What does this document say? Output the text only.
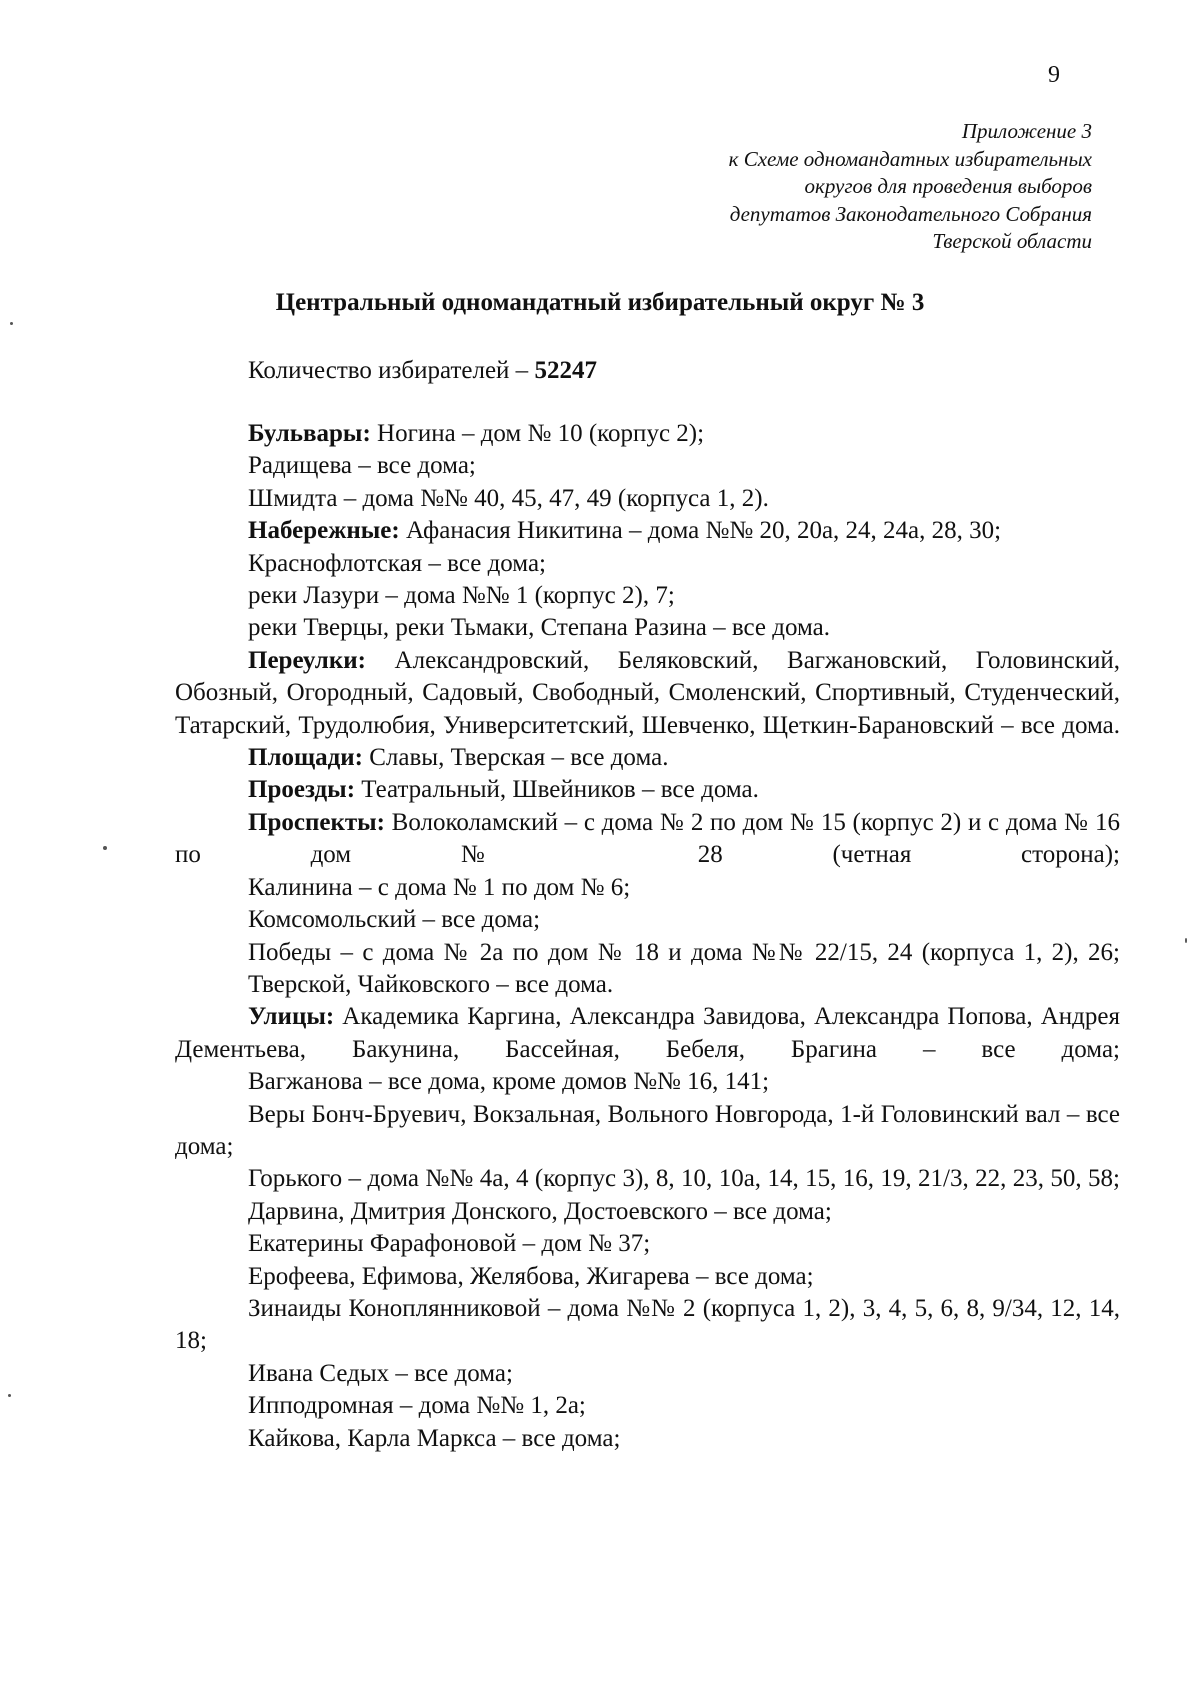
9
Приложение 3
к Схеме одномандатных избирательных
округов для проведения выборов
депутатов Законодательного Собрания
Тверской области
Центральный одномандатный избирательный округ № 3
Количество избирателей – 52247

Бульвары: Ногина – дом № 10 (корпус 2);

Радищева – все дома;

Шмидта – дома №№ 40, 45, 47, 49 (корпуса 1, 2).

Набережные: Афанасия Никитина – дома №№ 20, 20а, 24, 24а, 28, 30;

Краснофлотская – все дома;

реки Лазури – дома №№ 1 (корпус 2), 7;

реки Тверцы, реки Тьмаки, Степана Разина – все дома.

Переулки: Александровский, Беляковский, Вагжановский, Головинский, Обозный, Огородный, Садовый, Свободный, Смоленский, Спортивный, Студенческий, Татарский, Трудолюбия, Университетский, Шевченко, Щеткин-Барановский – все дома.

Площади: Славы, Тверская – все дома.

Проезды: Театральный, Швейников – все дома.

Проспекты: Волоколамский – с дома № 2 по дом № 15 (корпус 2) и с дома № 16 по дом № 28 (четная сторона);

Калинина – с дома № 1 по дом № 6;

Комсомольский – все дома;

Победы – с дома № 2а по дом № 18 и дома №№ 22/15, 24 (корпуса 1, 2), 26;

Тверской, Чайковского – все дома.

Улицы: Академика Каргина, Александра Завидова, Александра Попова, Андрея Дементьева, Бакунина, Бассейная, Бебеля, Брагина – все дома;

Вагжанова – все дома, кроме домов №№ 16, 141;

Веры Бонч-Бруевич, Вокзальная, Вольного Новгорода, 1-й Головинский вал – все дома;

Горького – дома №№ 4а, 4 (корпус 3), 8, 10, 10а, 14, 15, 16, 19, 21/3, 22, 23, 50, 58;

Дарвина, Дмитрия Донского, Достоевского – все дома;

Екатерины Фарафоновой – дом № 37;

Ерофеева, Ефимова, Желябова, Жигарева – все дома;

Зинаиды Коноплянниковой – дома №№ 2 (корпуса 1, 2), 3, 4, 5, 6, 8, 9/34, 12, 14, 18;

Ивана Седых – все дома;

Ипподромная – дома №№ 1, 2а;

Кайкова, Карла Маркса – все дома;
